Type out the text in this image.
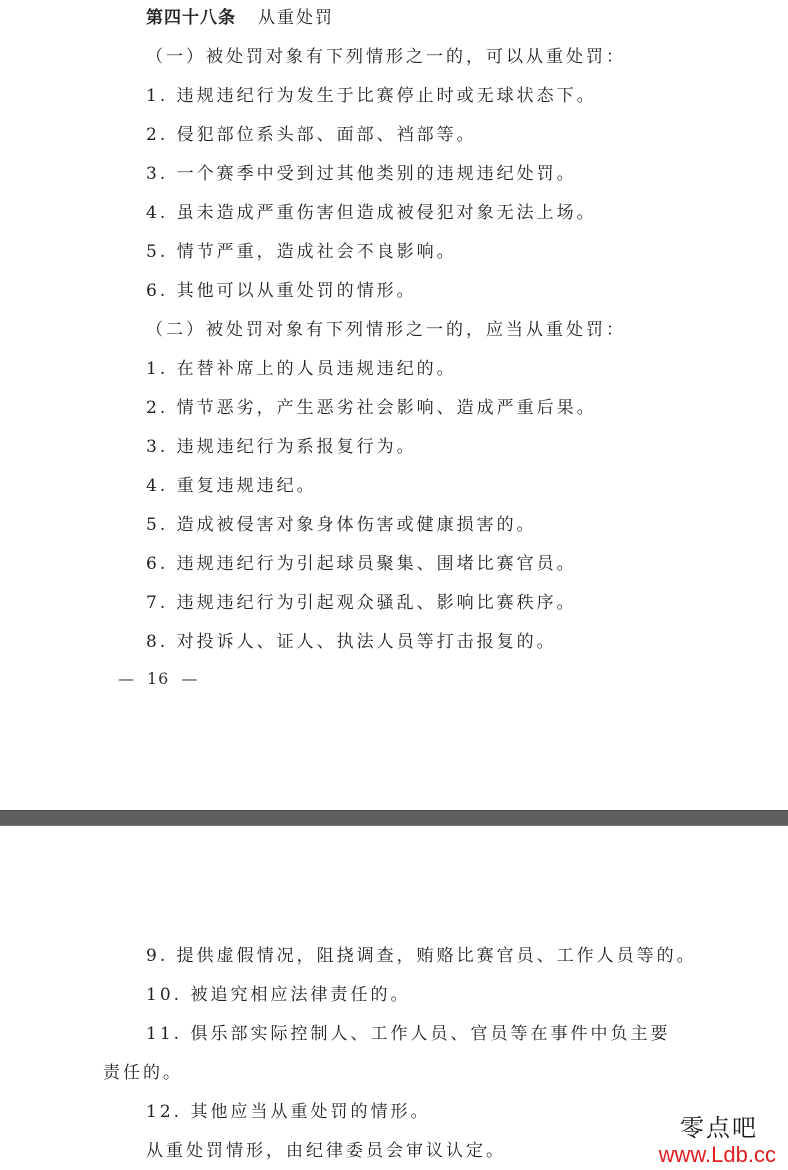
第四十八条 从重处罚
（一）被处罚对象有下列情形之一的，可以从重处罚：
1. 违规违纪行为发生于比赛停止时或无球状态下。
2. 侵犯部位系头部、面部、裆部等。
3. 一个赛季中受到过其他类别的违规违纪处罚。
4. 虽未造成严重伤害但造成被侵犯对象无法上场。
5. 情节严重，造成社会不良影响。
6. 其他可以从重处罚的情形。
（二）被处罚对象有下列情形之一的，应当从重处罚：
1. 在替补席上的人员违规违纪的。
2. 情节恶劣，产生恶劣社会影响、造成严重后果。
3. 违规违纪行为系报复行为。
4. 重复违规违纪。
5. 造成被侵害对象身体伤害或健康损害的。
6. 违规违纪行为引起球员聚集、围堵比赛官员。
7. 违规违纪行为引起观众骚乱、影响比赛秩序。
8. 对投诉人、证人、执法人员等打击报复的。
— 16 —
9. 提供虚假情况，阻挠调查，贿赂比赛官员、工作人员等的。
10. 被追究相应法律责任的。
11. 俱乐部实际控制人、工作人员、官员等在事件中负主要
责任的。
12. 其他应当从重处罚的情形。
从重处罚情形，由纪律委员会审议认定。
零点吧
www.Ldb.cc
